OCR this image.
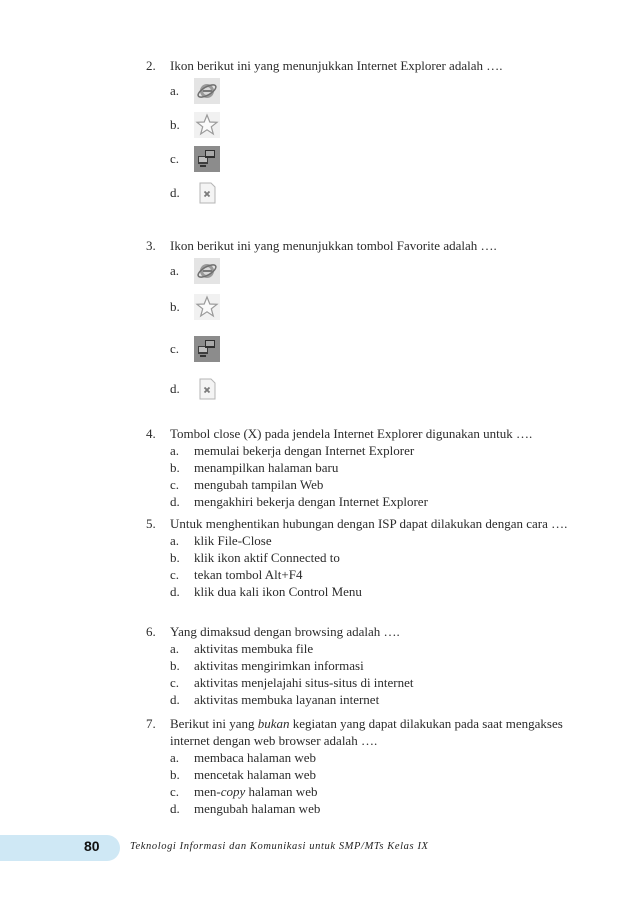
2. Ikon berikut ini yang menunjukkan Internet Explorer adalah ….
a.
b.
c.
d.
3. Ikon berikut ini yang menunjukkan tombol Favorite adalah ….
a.
b.
c.
d.
4. Tombol close (X) pada jendela Internet Explorer digunakan untuk ….
a. memulai bekerja dengan Internet Explorer
b. menampilkan halaman baru
c. mengubah tampilan Web
d. mengakhiri bekerja dengan Internet Explorer
5. Untuk menghentikan hubungan dengan ISP dapat dilakukan dengan cara ….
a. klik File-Close
b. klik ikon aktif Connected to
c. tekan tombol Alt+F4
d. klik dua kali ikon Control Menu
6. Yang dimaksud dengan browsing adalah ….
a. aktivitas membuka file
b. aktivitas mengirimkan informasi
c. aktivitas menjelajahi situs-situs di internet
d. aktivitas membuka layanan internet
7. Berikut ini yang bukan kegiatan yang dapat dilakukan pada saat mengakses internet dengan web browser adalah ….
a. membaca halaman web
b. mencetak halaman web
c. men-copy halaman web
d. mengubah halaman web
80	Teknologi Informasi dan Komunikasi untuk SMP/MTs Kelas IX
